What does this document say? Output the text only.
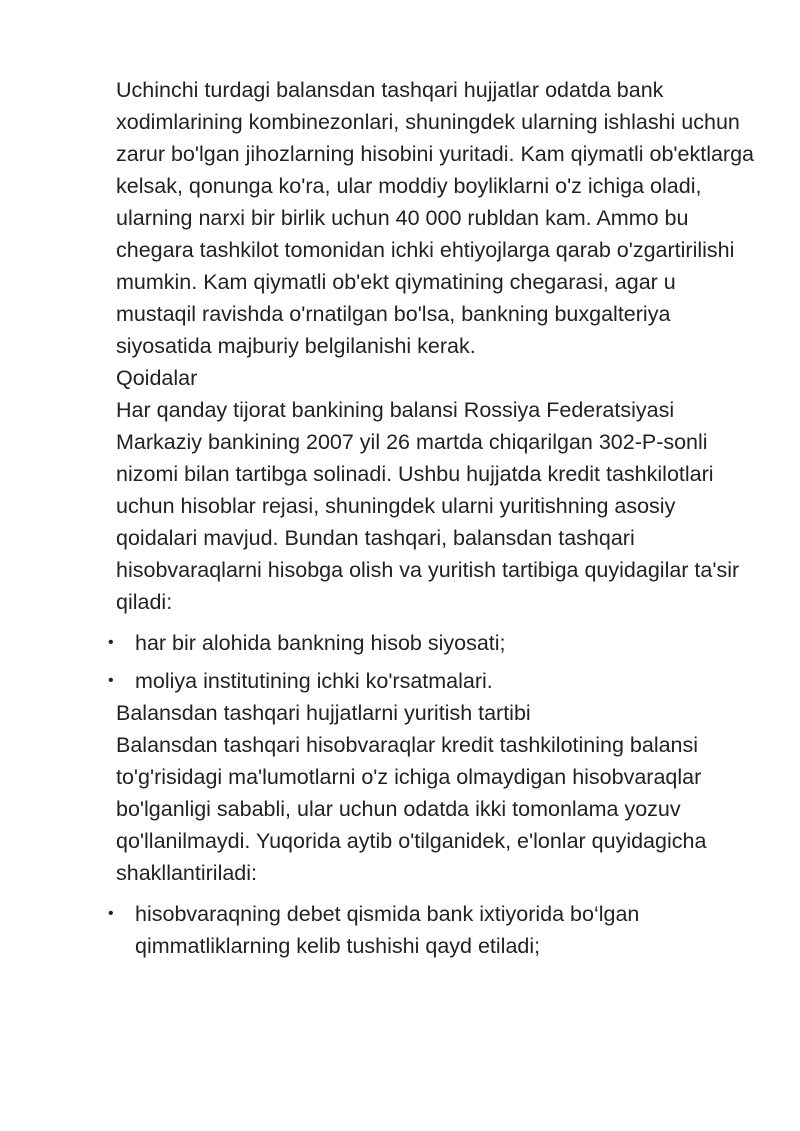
Uchinchi turdagi balansdan tashqari hujjatlar odatda bank xodimlarining kombinezonlari, shuningdek ularning ishlashi uchun zarur bo'lgan jihozlarning hisobini yuritadi. Kam qiymatli ob'ektlarga kelsak, qonunga ko'ra, ular moddiy boyliklarni o'z ichiga oladi, ularning narxi bir birlik uchun 40 000 rubldan kam. Ammo bu chegara tashkilot tomonidan ichki ehtiyojlarga qarab o'zgartirilishi mumkin. Kam qiymatli ob'ekt qiymatining chegarasi, agar u mustaqil ravishda o'rnatilgan bo'lsa, bankning buxgalteriya siyosatida majburiy belgilanishi kerak.

Qoidalar

Har qanday tijorat bankining balansi Rossiya Federatsiyasi Markaziy bankining 2007 yil 26 martda chiqarilgan 302-P-sonli nizomi bilan tartibga solinadi. Ushbu hujjatda kredit tashkilotlari uchun hisoblar rejasi, shuningdek ularni yuritishning asosiy qoidalari mavjud. Bundan tashqari, balansdan tashqari hisobvaraqlarni hisobga olish va yuritish tartibiga quyidagilar ta'sir qiladi:

• har bir alohida bankning hisob siyosati;
• moliya institutining ichki ko'rsatmalari.

Balansdan tashqari hujjatlarni yuritish tartibi

Balansdan tashqari hisobvaraqlar kredit tashkilotining balansi to'g'risidagi ma'lumotlarni o'z ichiga olmaydigan hisobvaraqlar bo'lganligi sababli, ular uchun odatda ikki tomonlama yozuv qo'llanilmaydi. Yuqorida aytib o'tilganidek, e'lonlar quyidagicha shakllantiriladi:

• hisobvaraqning debet qismida bank ixtiyorida bo‘lgan qimmatliklarning kelib tushishi qayd etiladi;
